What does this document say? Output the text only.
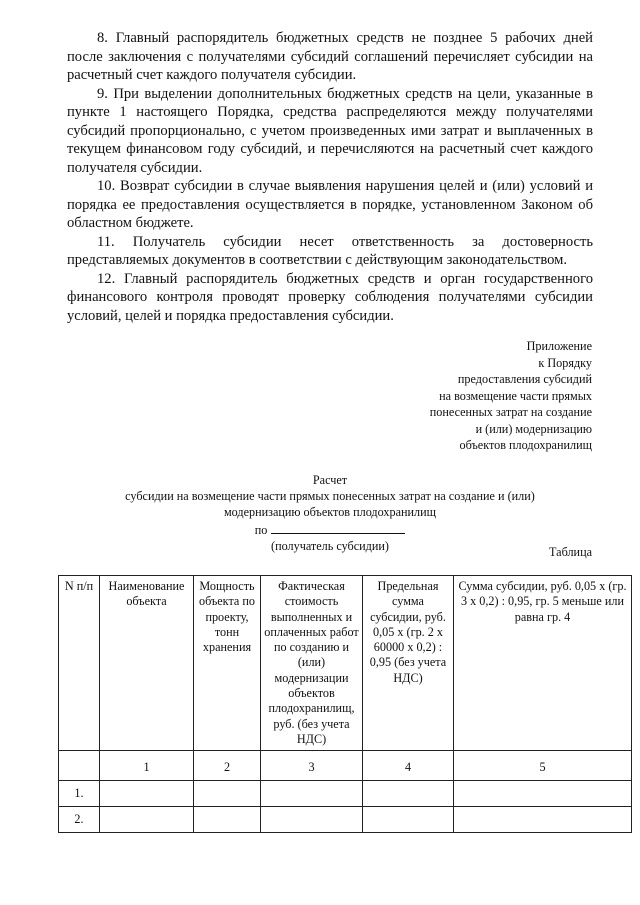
8. Главный распорядитель бюджетных средств не позднее 5 рабочих дней после заключения с получателями субсидий соглашений перечисляет субсидии на расчетный счет каждого получателя субсидии.

9. При выделении дополнительных бюджетных средств на цели, указанные в пункте 1 настоящего Порядка, средства распределяются между получателями субсидий пропорционально, с учетом произведенных ими затрат и выплаченных в текущем финансовом году субсидий, и перечисляются на расчетный счет каждого получателя субсидии.

10. Возврат субсидии в случае выявления нарушения целей и (или) условий и порядка ее предоставления осуществляется в порядке, установленном Законом об областном бюджете.

11. Получатель субсидии несет ответственность за достоверность представляемых документов в соответствии с действующим законодательством.

12. Главный распорядитель бюджетных средств и орган государственного финансового контроля проводят проверку соблюдения получателями субсидии условий, целей и порядка предоставления субсидии.

Приложение
к Порядку
предоставления субсидий
на возмещение части прямых
понесенных затрат на создание
и (или) модернизацию
объектов плодохранилищ
Расчет
субсидии на возмещение части прямых понесенных затрат на создание и (или)
модернизацию объектов плодохранилищ
по
(получатель субсидии)	Таблица
N п/п	Наименование объекта	Мощность объекта по проекту, тонн хранения	Фактическая стоимость выполненных и оплаченных работ по созданию и (или) модернизации объектов плодохранилищ, руб. (без учета НДС)	Предельная сумма субсидии, руб. 0,05 x (гр. 2 x 60000 x 0,2) : 0,95 (без учета НДС)	Сумма субсидии, руб. 0,05 x (гр. 3 x 0,2) : 0,95, гр. 5 меньше или равна гр. 4
	1	2	3	4	5
1.					
2.					
